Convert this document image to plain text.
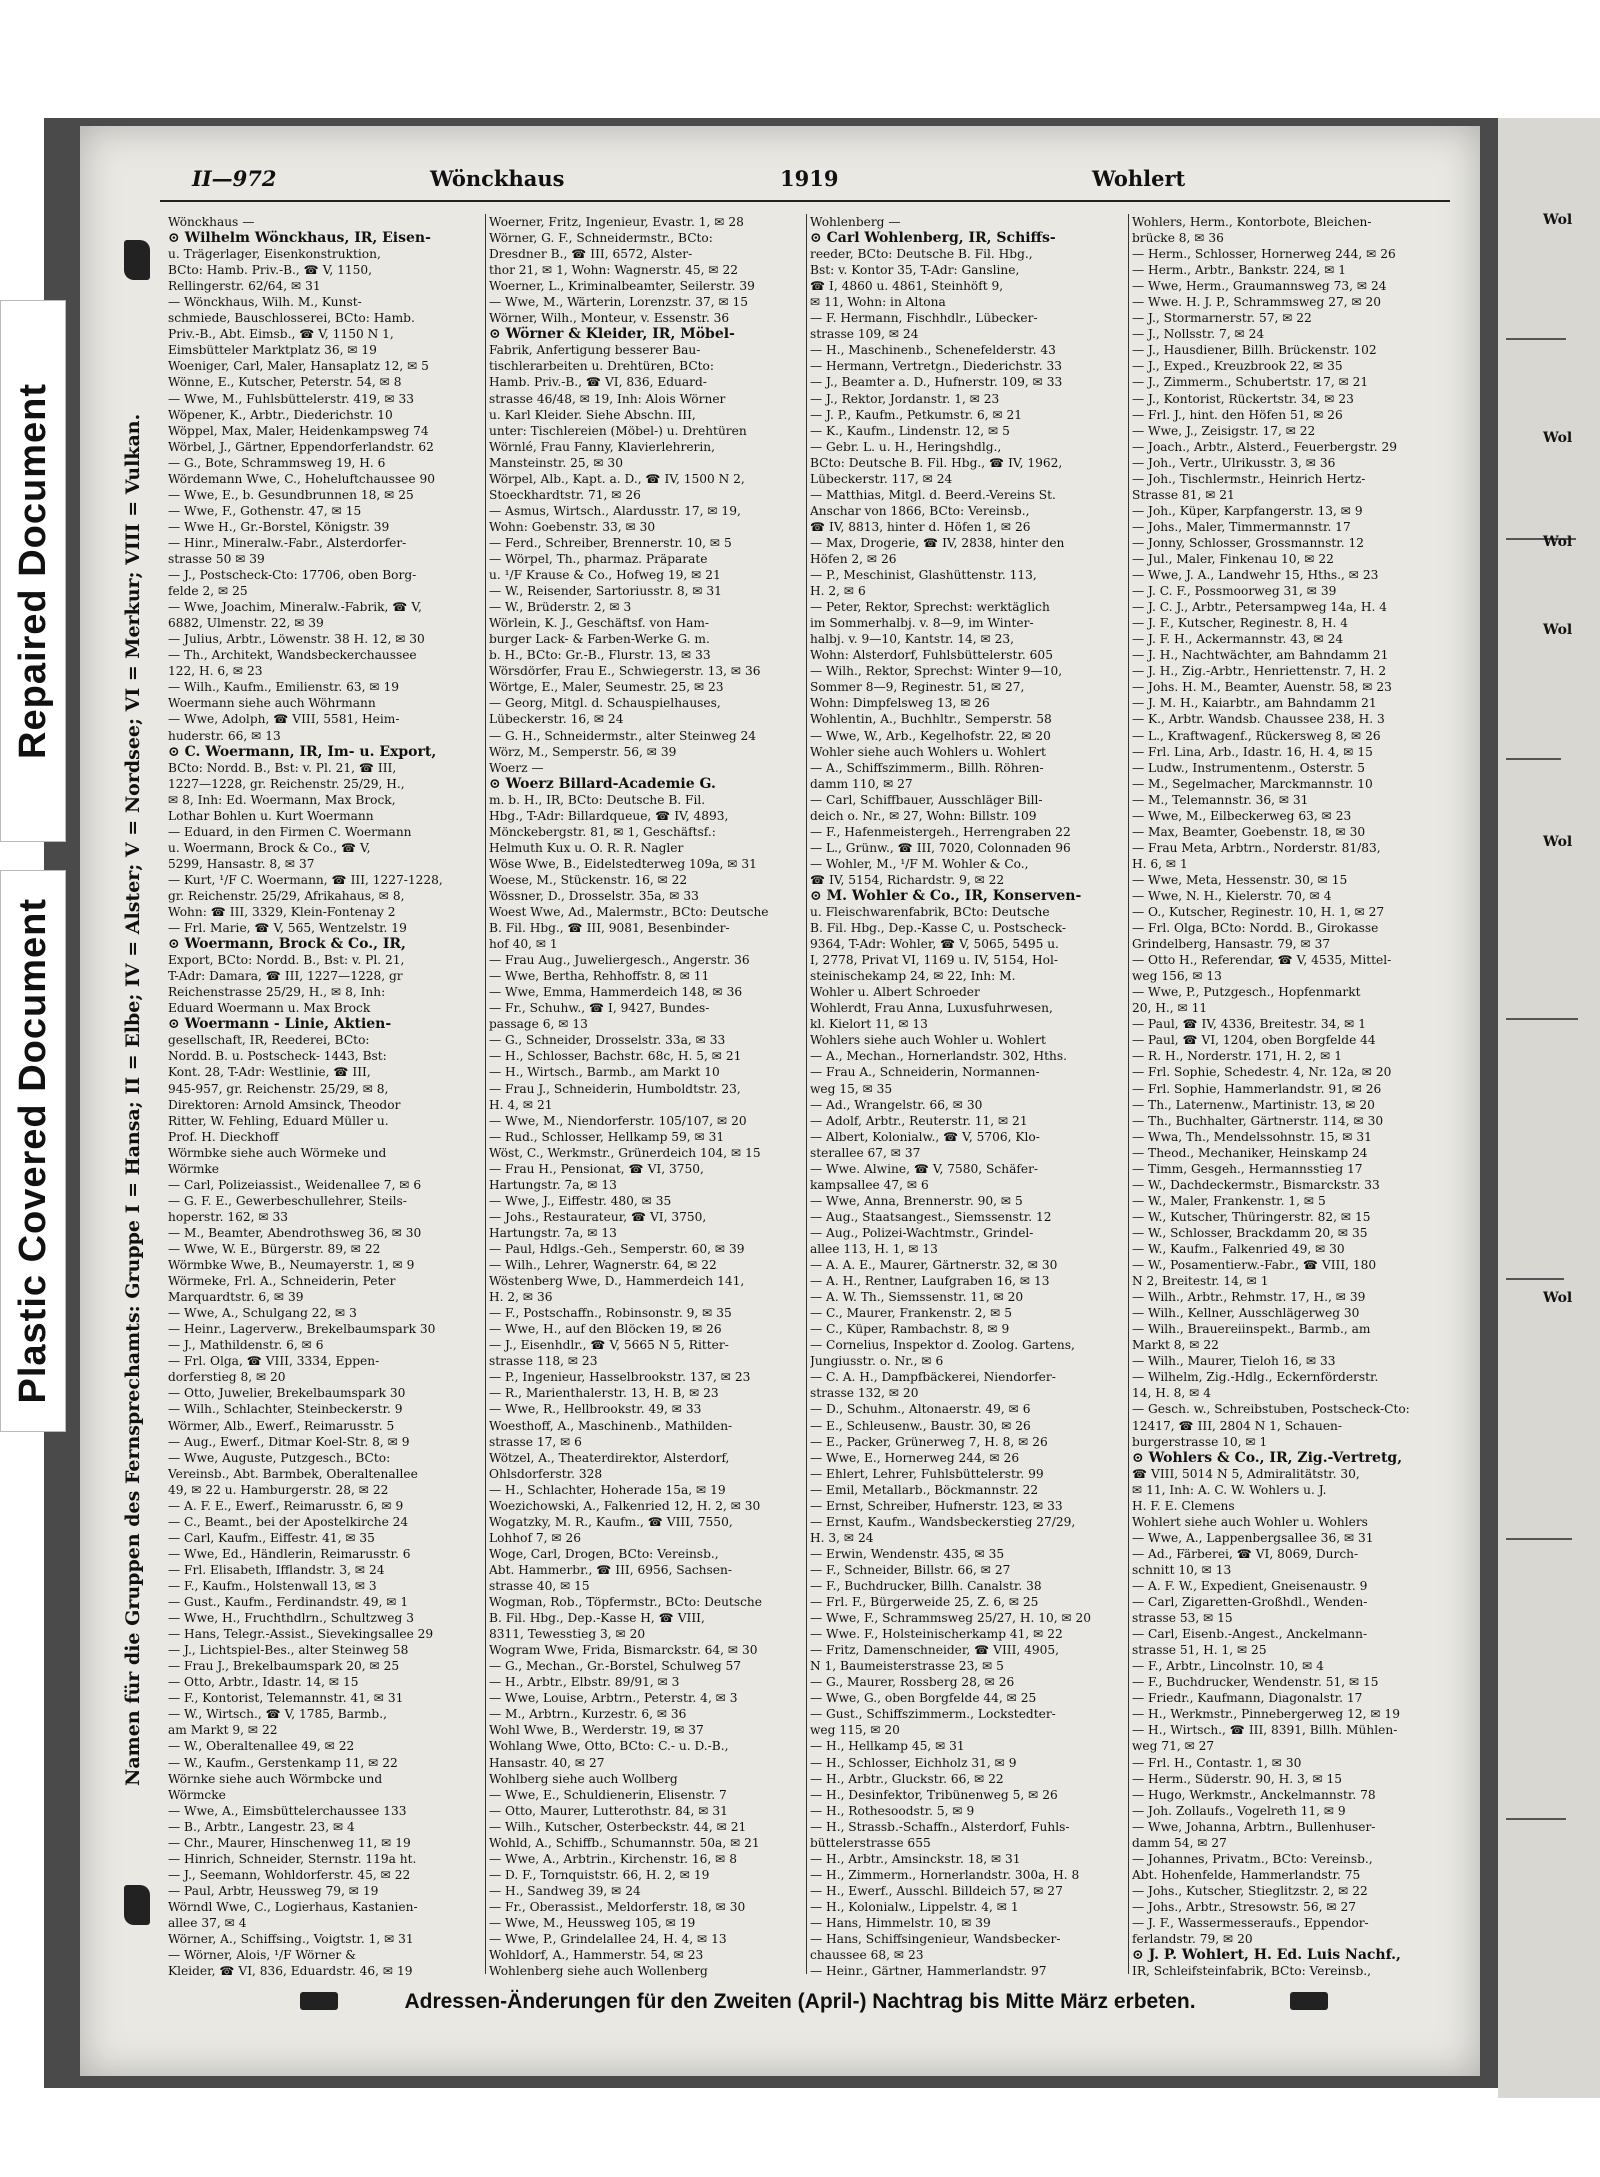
Wol
Wol
Wol
Wol
Wol
Wol
Repaired Document
Plastic Covered Document
II—972	Wönckhaus	1919	Wohlert
Namen für die Gruppen des Fernsprechamts: Gruppe I = Hansa; II = Elbe; IV = Alster; V = Nordsee; VI = Merkur; VIII = Vulkan.
Wönckhaus —
⊙ Wilhelm Wönckhaus, IR, Eisen-
u. Trägerlager, Eisenkonstruktion,
BCto: Hamb. Priv.-B., ☎ V, 1150,
Rellingerstr. 62/64, ✉ 31
— Wönckhaus, Wilh. M., Kunst-
schmiede, Bauschlosserei, BCto: Hamb.
Priv.-B., Abt. Eimsb., ☎ V, 1150 N 1,
Eimsbütteler Marktplatz 36, ✉ 19
Woeniger, Carl, Maler, Hansaplatz 12, ✉ 5
Wönne, E., Kutscher, Peterstr. 54, ✉ 8
— Wwe, M., Fuhlsbüttelerstr. 419, ✉ 33
Wöpener, K., Arbtr., Diederichstr. 10
Wöppel, Max, Maler, Heidenkampsweg 74
Wörbel, J., Gärtner, Eppendorferlandstr. 62
— G., Bote, Schrammsweg 19, H. 6
Wördemann Wwe, C., Hoheluftchaussee 90
— Wwe, E., b. Gesundbrunnen 18, ✉ 25
— Wwe, F., Gothenstr. 47, ✉ 15
— Wwe H., Gr.-Borstel, Königstr. 39
— Hinr., Mineralw.-Fabr., Alsterdorfer-
strasse 50 ✉ 39
— J., Postscheck-Cto: 17706, oben Borg-
felde 2, ✉ 25
— Wwe, Joachim, Mineralw.-Fabrik, ☎ V,
6882, Ulmenstr. 22, ✉ 39
— Julius, Arbtr., Löwenstr. 38 H. 12, ✉ 30
— Th., Architekt, Wandsbeckerchaussee
122, H. 6, ✉ 23
— Wilh., Kaufm., Emilienstr. 63, ✉ 19
Woermann siehe auch Wöhrmann
— Wwe, Adolph, ☎ VIII, 5581, Heim-
huderstr. 66, ✉ 13
⊙ C. Woermann, IR, Im- u. Export,
BCto: Nordd. B., Bst: v. Pl. 21, ☎ III,
1227—1228, gr. Reichenstr. 25/29, H.,
✉ 8, Inh: Ed. Woermann, Max Brock,
Lothar Bohlen u. Kurt Woermann
— Eduard, in den Firmen C. Woermann
u. Woermann, Brock & Co., ☎ V,
5299, Hansastr. 8, ✉ 37
— Kurt, ¹/F C. Woermann, ☎ III, 1227-1228,
gr. Reichenstr. 25/29, Afrikahaus, ✉ 8,
Wohn: ☎ III, 3329, Klein-Fontenay 2
— Frl. Marie, ☎ V, 565, Wentzelstr. 19
⊙ Woermann, Brock & Co., IR,
Export, BCto: Nordd. B., Bst: v. Pl. 21,
T-Adr: Damara, ☎ III, 1227—1228, gr
Reichenstrasse 25/29, H., ✉ 8, Inh:
Eduard Woermann u. Max Brock
⊙ Woermann - Linie, Aktien-
gesellschaft, IR, Reederei, BCto:
Nordd. B. u. Postscheck- 1443, Bst:
Kont. 28, T-Adr: Westlinie, ☎ III,
945-957, gr. Reichenstr. 25/29, ✉ 8,
Direktoren: Arnold Amsinck, Theodor
Ritter, W. Fehling, Eduard Müller u.
Prof. H. Dieckhoff
Wörmbke siehe auch Wörmeke und
Wörmke
— Carl, Polizeiassist., Weidenallee 7, ✉ 6
— G. F. E., Gewerbeschullehrer, Steils-
hoperstr. 162, ✉ 33
— M., Beamter, Abendrothsweg 36, ✉ 30
— Wwe, W. E., Bürgerstr. 89, ✉ 22
Wörmbke Wwe, B., Neumayerstr. 1, ✉ 9
Wörmeke, Frl. A., Schneiderin, Peter
Marquardtstr. 6, ✉ 39
— Wwe, A., Schulgang 22, ✉ 3
— Heinr., Lagerverw., Brekelbaumspark 30
— J., Mathildenstr. 6, ✉ 6
— Frl. Olga, ☎ VIII, 3334, Eppen-
dorferstieg 8, ✉ 20
— Otto, Juwelier, Brekelbaumspark 30
— Wilh., Schlachter, Steinbeckerstr. 9
Wörmer, Alb., Ewerf., Reimarusstr. 5
— Aug., Ewerf., Ditmar Koel-Str. 8, ✉ 9
— Wwe, Auguste, Putzgesch., BCto:
Vereinsb., Abt. Barmbek, Oberaltenallee
49, ✉ 22 u. Hamburgerstr. 28, ✉ 22
— A. F. E., Ewerf., Reimarusstr. 6, ✉ 9
— C., Beamt., bei der Apostelkirche 24
— Carl, Kaufm., Eiffestr. 41, ✉ 35
— Wwe, Ed., Händlerin, Reimarusstr. 6
— Frl. Elisabeth, Ifflandstr. 3, ✉ 24
— F., Kaufm., Holstenwall 13, ✉ 3
— Gust., Kaufm., Ferdinandstr. 49, ✉ 1
— Wwe, H., Fruchthdlrn., Schultzweg 3
— Hans, Telegr.-Assist., Sievekingsallee 29
— J., Lichtspiel-Bes., alter Steinweg 58
— Frau J., Brekelbaumspark 20, ✉ 25
— Otto, Arbtr., Idastr. 14, ✉ 15
— F., Kontorist, Telemannstr. 41, ✉ 31
— W., Wirtsch., ☎ V, 1785, Barmb.,
am Markt 9, ✉ 22
— W., Oberaltenallee 49, ✉ 22
— W., Kaufm., Gerstenkamp 11, ✉ 22
Wörnke siehe auch Wörmbcke und
Wörmcke
— Wwe, A., Eimsbüttelerchaussee 133
— B., Arbtr., Langestr. 23, ✉ 4
— Chr., Maurer, Hinschenweg 11, ✉ 19
— Hinrich, Schneider, Sternstr. 119a ht.
— J., Seemann, Wohldorferstr. 45, ✉ 22
— Paul, Arbtr, Heussweg 79, ✉ 19
Wörndl Wwe, C., Logierhaus, Kastanien-
allee 37, ✉ 4
Wörner, A., Schiffsing., Voigtstr. 1, ✉ 31
— Wörner, Alois, ¹/F Wörner &
Kleider, ☎ VI, 836, Eduardstr. 46, ✉ 19
Woerner, Fritz, Ingenieur, Evastr. 1, ✉ 28
Wörner, G. F., Schneidermstr., BCto:
Dresdner B., ☎ III, 6572, Alster-
thor 21, ✉ 1, Wohn: Wagnerstr. 45, ✉ 22
Woerner, L., Kriminalbeamter, Seilerstr. 39
— Wwe, M., Wärterin, Lorenzstr. 37, ✉ 15
Wörner, Wilh., Monteur, v. Essenstr. 36
⊙ Wörner & Kleider, IR, Möbel-
Fabrik, Anfertigung besserer Bau-
tischlerarbeiten u. Drehtüren, BCto:
Hamb. Priv.-B., ☎ VI, 836, Eduard-
strasse 46/48, ✉ 19, Inh: Alois Wörner
u. Karl Kleider. Siehe Abschn. III,
unter: Tischlereien (Möbel-) u. Drehtüren
Wörnlé, Frau Fanny, Klavierlehrerin,
Mansteinstr. 25, ✉ 30
Wörpel, Alb., Kapt. a. D., ☎ IV, 1500 N 2,
Stoeckhardtstr. 71, ✉ 26
— Asmus, Wirtsch., Alardusstr. 17, ✉ 19,
Wohn: Goebenstr. 33, ✉ 30
— Ferd., Schreiber, Brennerstr. 10, ✉ 5
— Wörpel, Th., pharmaz. Präparate
u. ¹/F Krause & Co., Hofweg 19, ✉ 21
— W., Reisender, Sartoriusstr. 8, ✉ 31
— W., Brüderstr. 2, ✉ 3
Wörlein, K. J., Geschäftsf. von Ham-
burger Lack- & Farben-Werke G. m.
b. H., BCto: Gr.-B., Flurstr. 13, ✉ 33
Wörsdörfer, Frau E., Schwiegerstr. 13, ✉ 36
Wörtge, E., Maler, Seumestr. 25, ✉ 23
— Georg, Mitgl. d. Schauspielhauses,
Lübeckerstr. 16, ✉ 24
— G. H., Schneidermstr., alter Steinweg 24
Wörz, M., Semperstr. 56, ✉ 39
Woerz —
⊙ Woerz Billard-Academie G.
m. b. H., IR, BCto: Deutsche B. Fil.
Hbg., T-Adr: Billardqueue, ☎ IV, 4893,
Mönckebergstr. 81, ✉ 1, Geschäftsf.:
Helmuth Kux u. O. R. R. Nagler
Wöse Wwe, B., Eidelstedterweg 109a, ✉ 31
Woese, M., Stückenstr. 16, ✉ 22
Wössner, D., Drosselstr. 35a, ✉ 33
Woest Wwe, Ad., Malermstr., BCto: Deutsche
B. Fil. Hbg., ☎ III, 9081, Besenbinder-
hof 40, ✉ 1
— Frau Aug., Juweliergesch., Angerstr. 36
— Wwe, Bertha, Rehhoffstr. 8, ✉ 11
— Wwe, Emma, Hammerdeich 148, ✉ 36
— Fr., Schuhw., ☎ I, 9427, Bundes-
passage 6, ✉ 13
— G., Schneider, Drosselstr. 33a, ✉ 33
— H., Schlosser, Bachstr. 68c, H. 5, ✉ 21
— H., Wirtsch., Barmb., am Markt 10
— Frau J., Schneiderin, Humboldtstr. 23,
H. 4, ✉ 21
— Wwe, M., Niendorferstr. 105/107, ✉ 20
— Rud., Schlosser, Hellkamp 59, ✉ 31
Wöst, C., Werkmstr., Grünerdeich 104, ✉ 15
— Frau H., Pensionat, ☎ VI, 3750,
Hartungstr. 7a, ✉ 13
— Wwe, J., Eiffestr. 480, ✉ 35
— Johs., Restaurateur, ☎ VI, 3750,
Hartungstr. 7a, ✉ 13
— Paul, Hdlgs.-Geh., Semperstr. 60, ✉ 39
— Wilh., Lehrer, Wagnerstr. 64, ✉ 22
Wöstenberg Wwe, D., Hammerdeich 141,
H. 2, ✉ 36
— F., Postschaffn., Robinsonstr. 9, ✉ 35
— Wwe, H., auf den Blöcken 19, ✉ 26
— J., Eisenhdlr., ☎ V, 5665 N 5, Ritter-
strasse 118, ✉ 23
— P., Ingenieur, Hasselbrookstr. 137, ✉ 23
— R., Marienthalerstr. 13, H. B, ✉ 23
— Wwe, R., Hellbrookstr. 49, ✉ 33
Woesthoff, A., Maschinenb., Mathilden-
strasse 17, ✉ 6
Wötzel, A., Theaterdirektor, Alsterdorf,
Ohlsdorferstr. 328
— H., Schlachter, Hoherade 15a, ✉ 19
Woezichowski, A., Falkenried 12, H. 2, ✉ 30
Wogatzky, M. R., Kaufm., ☎ VIII, 7550,
Lohhof 7, ✉ 26
Woge, Carl, Drogen, BCto: Vereinsb.,
Abt. Hammerbr., ☎ III, 6956, Sachsen-
strasse 40, ✉ 15
Wogman, Rob., Töpfermstr., BCto: Deutsche
B. Fil. Hbg., Dep.-Kasse H, ☎ VIII,
8311, Tewesstieg 3, ✉ 20
Wogram Wwe, Frida, Bismarckstr. 64, ✉ 30
— G., Mechan., Gr.-Borstel, Schulweg 57
— H., Arbtr., Elbstr. 89/91, ✉ 3
— Wwe, Louise, Arbtrn., Peterstr. 4, ✉ 3
— M., Arbtrn., Kurzestr. 6, ✉ 36
Wohl Wwe, B., Werderstr. 19, ✉ 37
Wohlang Wwe, Otto, BCto: C.- u. D.-B.,
Hansastr. 40, ✉ 27
Wohlberg siehe auch Wollberg
— Wwe, E., Schuldienerin, Elisenstr. 7
— Otto, Maurer, Lutterothstr. 84, ✉ 31
— Wilh., Kutscher, Osterbeckstr. 44, ✉ 21
Wohld, A., Schiffb., Schumannstr. 50a, ✉ 21
— Wwe, A., Arbtrin., Kirchenstr. 16, ✉ 8
— D. F., Tornquiststr. 66, H. 2, ✉ 19
— H., Sandweg 39, ✉ 24
— Fr., Oberassist., Meldorferstr. 18, ✉ 30
— Wwe, M., Heussweg 105, ✉ 19
— Wwe, P., Grindelallee 24, H. 4, ✉ 13
Wohldorf, A., Hammerstr. 54, ✉ 23
Wohlenberg siehe auch Wollenberg
Wohlenberg —
⊙ Carl Wohlenberg, IR, Schiffs-
reeder, BCto: Deutsche B. Fil. Hbg.,
Bst: v. Kontor 35, T-Adr: Gansline,
☎ I, 4860 u. 4861, Steinhöft 9,
✉ 11, Wohn: in Altona
— F. Hermann, Fischhdlr., Lübecker-
strasse 109, ✉ 24
— H., Maschinenb., Schenefelderstr. 43
— Hermann, Vertretgn., Diederichstr. 33
— J., Beamter a. D., Hufnerstr. 109, ✉ 33
— J., Rektor, Jordanstr. 1, ✉ 23
— J. P., Kaufm., Petkumstr. 6, ✉ 21
— K., Kaufm., Lindenstr. 12, ✉ 5
— Gebr. L. u. H., Heringshdlg.,
BCto: Deutsche B. Fil. Hbg., ☎ IV, 1962,
Lübeckerstr. 117, ✉ 24
— Matthias, Mitgl. d. Beerd.-Vereins St.
Anschar von 1866, BCto: Vereinsb.,
☎ IV, 8813, hinter d. Höfen 1, ✉ 26
— Max, Drogerie, ☎ IV, 2838, hinter den
Höfen 2, ✉ 26
— P., Meschinist, Glashüttenstr. 113,
H. 2, ✉ 6
— Peter, Rektor, Sprechst: werktäglich
im Sommerhalbj. v. 8—9, im Winter-
halbj. v. 9—10, Kantstr. 14, ✉ 23,
Wohn: Alsterdorf, Fuhlsbüttelerstr. 605
— Wilh., Rektor, Sprechst: Winter 9—10,
Sommer 8—9, Reginestr. 51, ✉ 27,
Wohn: Dimpfelsweg 13, ✉ 26
Wohlentin, A., Buchhltr., Semperstr. 58
— Wwe, W., Arb., Kegelhofstr. 22, ✉ 20
Wohler siehe auch Wohlers u. Wohlert
— A., Schiffszimmerm., Billh. Röhren-
damm 110, ✉ 27
— Carl, Schiffbauer, Ausschläger Bill-
deich o. Nr., ✉ 27, Wohn: Billstr. 109
— F., Hafenmeistergeh., Herrengraben 22
— L., Grünw., ☎ III, 7020, Colonnaden 96
— Wohler, M., ¹/F M. Wohler & Co.,
☎ IV, 5154, Richardstr. 9, ✉ 22
⊙ M. Wohler & Co., IR, Konserven-
u. Fleischwarenfabrik, BCto: Deutsche
B. Fil. Hbg., Dep.-Kasse C, u. Postscheck-
9364, T-Adr: Wohler, ☎ V, 5065, 5495 u.
I, 2778, Privat VI, 1169 u. IV, 5154, Hol-
steinischekamp 24, ✉ 22, Inh: M.
Wohler u. Albert Schroeder
Wohlerdt, Frau Anna, Luxusfuhrwesen,
kl. Kielort 11, ✉ 13
Wohlers siehe auch Wohler u. Wohlert
— A., Mechan., Hornerlandstr. 302, Hths.
— Frau A., Schneiderin, Normannen-
weg 15, ✉ 35
— Ad., Wrangelstr. 66, ✉ 30
— Adolf, Arbtr., Reuterstr. 11, ✉ 21
— Albert, Kolonialw., ☎ V, 5706, Klo-
sterallee 67, ✉ 37
— Wwe. Alwine, ☎ V, 7580, Schäfer-
kampsallee 47, ✉ 6
— Wwe, Anna, Brennerstr. 90, ✉ 5
— Aug., Staatsangest., Siemssenstr. 12
— Aug., Polizei-Wachtmstr., Grindel-
allee 113, H. 1, ✉ 13
— A. A. E., Maurer, Gärtnerstr. 32, ✉ 30
— A. H., Rentner, Laufgraben 16, ✉ 13
— A. W. Th., Siemssenstr. 11, ✉ 20
— C., Maurer, Frankenstr. 2, ✉ 5
— C., Küper, Rambachstr. 8, ✉ 9
— Cornelius, Inspektor d. Zoolog. Gartens,
Jungiusstr. o. Nr., ✉ 6
— C. A. H., Dampfbäckerei, Niendorfer-
strasse 132, ✉ 20
— D., Schuhm., Altonaerstr. 49, ✉ 6
— E., Schleusenw., Baustr. 30, ✉ 26
— E., Packer, Grünerweg 7, H. 8, ✉ 26
— Wwe, E., Hornerweg 244, ✉ 26
— Ehlert, Lehrer, Fuhlsbüttelerstr. 99
— Emil, Metallarb., Böckmannstr. 22
— Ernst, Schreiber, Hufnerstr. 123, ✉ 33
— Ernst, Kaufm., Wandsbeckerstieg 27/29,
H. 3, ✉ 24
— Erwin, Wendenstr. 435, ✉ 35
— F., Schneider, Billstr. 66, ✉ 27
— F., Buchdrucker, Billh. Canalstr. 38
— Frl. F., Bürgerweide 25, Z. 6, ✉ 25
— Wwe, F., Schrammsweg 25/27, H. 10, ✉ 20
— Wwe. F., Holsteinischerkamp 41, ✉ 22
— Fritz, Damenschneider, ☎ VIII, 4905,
N 1, Baumeisterstrasse 23, ✉ 5
— G., Maurer, Rossberg 28, ✉ 26
— Wwe, G., oben Borgfelde 44, ✉ 25
— Gust., Schiffszimmerm., Lockstedter-
weg 115, ✉ 20
— H., Hellkamp 45, ✉ 31
— H., Schlosser, Eichholz 31, ✉ 9
— H., Arbtr., Gluckstr. 66, ✉ 22
— H., Desinfektor, Tribünenweg 5, ✉ 26
— H., Rothesoodstr. 5, ✉ 9
— H., Strassb.-Schaffn., Alsterdorf, Fuhls-
büttelerstrasse 655
— H., Arbtr., Amsinckstr. 18, ✉ 31
— H., Zimmerm., Hornerlandstr. 300a, H. 8
— H., Ewerf., Ausschl. Billdeich 57, ✉ 27
— H., Kolonialw., Lippelstr. 4, ✉ 1
— Hans, Himmelstr. 10, ✉ 39
— Hans, Schiffsingenieur, Wandsbecker-
chaussee 68, ✉ 23
— Heinr., Gärtner, Hammerlandstr. 97
Wohlers, Herm., Kontorbote, Bleichen-
brücke 8, ✉ 36
— Herm., Schlosser, Hornerweg 244, ✉ 26
— Herm., Arbtr., Bankstr. 224, ✉ 1
— Wwe, Herm., Graumannsweg 73, ✉ 24
— Wwe. H. J. P., Schrammsweg 27, ✉ 20
— J., Stormarnerstr. 57, ✉ 22
— J., Nollsstr. 7, ✉ 24
— J., Hausdiener, Billh. Brückenstr. 102
— J., Exped., Kreuzbrook 22, ✉ 35
— J., Zimmerm., Schubertstr. 17, ✉ 21
— J., Kontorist, Rückertstr. 34, ✉ 23
— Frl. J., hint. den Höfen 51, ✉ 26
— Wwe, J., Zeisigstr. 17, ✉ 22
— Joach., Arbtr., Alsterd., Feuerbergstr. 29
— Joh., Vertr., Ulrikusstr. 3, ✉ 36
— Joh., Tischlermstr., Heinrich Hertz-
Strasse 81, ✉ 21
— Joh., Küper, Karpfangerstr. 13, ✉ 9
— Johs., Maler, Timmermannstr. 17
— Jonny, Schlosser, Grossmannstr. 12
— Jul., Maler, Finkenau 10, ✉ 22
— Wwe, J. A., Landwehr 15, Hths., ✉ 23
— J. C. F., Possmoorweg 31, ✉ 39
— J. C. J., Arbtr., Petersampweg 14a, H. 4
— J. F., Kutscher, Reginestr. 8, H. 4
— J. F. H., Ackermannstr. 43, ✉ 24
— J. H., Nachtwächter, am Bahndamm 21
— J. H., Zig.-Arbtr., Henriettenstr. 7, H. 2
— Johs. H. M., Beamter, Auenstr. 58, ✉ 23
— J. M. H., Kaiarbtr., am Bahndamm 21
— K., Arbtr. Wandsb. Chaussee 238, H. 3
— L., Kraftwagenf., Rückersweg 8, ✉ 26
— Frl. Lina, Arb., Idastr. 16, H. 4, ✉ 15
— Ludw., Instrumentenm., Osterstr. 5
— M., Segelmacher, Marckmannstr. 10
— M., Telemannstr. 36, ✉ 31
— Wwe, M., Eilbeckerweg 63, ✉ 23
— Max, Beamter, Goebenstr. 18, ✉ 30
— Frau Meta, Arbtrn., Norderstr. 81/83,
H. 6, ✉ 1
— Wwe, Meta, Hessenstr. 30, ✉ 15
— Wwe, N. H., Kielerstr. 70, ✉ 4
— O., Kutscher, Reginestr. 10, H. 1, ✉ 27
— Frl. Olga, BCto: Nordd. B., Girokasse
Grindelberg, Hansastr. 79, ✉ 37
— Otto H., Referendar, ☎ V, 4535, Mittel-
weg 156, ✉ 13
— Wwe, P., Putzgesch., Hopfenmarkt
20, H., ✉ 11
— Paul, ☎ IV, 4336, Breitestr. 34, ✉ 1
— Paul, ☎ VI, 1204, oben Borgfelde 44
— R. H., Norderstr. 171, H. 2, ✉ 1
— Frl. Sophie, Schedestr. 4, Nr. 12a, ✉ 20
— Frl. Sophie, Hammerlandstr. 91, ✉ 26
— Th., Laternenw., Martinistr. 13, ✉ 20
— Th., Buchhalter, Gärtnerstr. 114, ✉ 30
— Wwa, Th., Mendelssohnstr. 15, ✉ 31
— Theod., Mechaniker, Heinskamp 24
— Timm, Gesgeh., Hermannsstieg 17
— W., Dachdeckermstr., Bismarckstr. 33
— W., Maler, Frankenstr. 1, ✉ 5
— W., Kutscher, Thüringerstr. 82, ✉ 15
— W., Schlosser, Brackdamm 20, ✉ 35
— W., Kaufm., Falkenried 49, ✉ 30
— W., Posamentierw.-Fabr., ☎ VIII, 180
N 2, Breitestr. 14, ✉ 1
— Wilh., Arbtr., Rehmstr. 17, H., ✉ 39
— Wilh., Kellner, Ausschlägerweg 30
— Wilh., Brauereiinspekt., Barmb., am
Markt 8, ✉ 22
— Wilh., Maurer, Tieloh 16, ✉ 33
— Wilhelm, Zig.-Hdlg., Eckernförderstr.
14, H. 8, ✉ 4
— Gesch. w., Schreibstuben, Postscheck-Cto:
12417, ☎ III, 2804 N 1, Schauen-
burgerstrasse 10, ✉ 1
⊙ Wohlers & Co., IR, Zig.-Vertretg,
☎ VIII, 5014 N 5, Admiralitätstr. 30,
✉ 11, Inh: A. C. W. Wohlers u. J.
H. F. E. Clemens
Wohlert siehe auch Wohler u. Wohlers
— Wwe, A., Lappenbergsallee 36, ✉ 31
— Ad., Färberei, ☎ VI, 8069, Durch-
schnitt 10, ✉ 13
— A. F. W., Expedient, Gneisenaustr. 9
— Carl, Zigaretten-Großhdl., Wenden-
strasse 53, ✉ 15
— Carl, Eisenb.-Angest., Anckelmann-
strasse 51, H. 1, ✉ 25
— F., Arbtr., Lincolnstr. 10, ✉ 4
— F., Buchdrucker, Wendenstr. 51, ✉ 15
— Friedr., Kaufmann, Diagonalstr. 17
— H., Werkmstr., Pinnebergerweg 12, ✉ 19
— H., Wirtsch., ☎ III, 8391, Billh. Mühlen-
weg 71, ✉ 27
— Frl. H., Contastr. 1, ✉ 30
— Herm., Süderstr. 90, H. 3, ✉ 15
— Hugo, Werkmstr., Anckelmannstr. 78
— Joh. Zollaufs., Vogelreth 11, ✉ 9
— Wwe, Johanna, Arbtrn., Bullenhuser-
damm 54, ✉ 27
— Johannes, Privatm., BCto: Vereinsb.,
Abt. Hohenfelde, Hammerlandstr. 75
— Johs., Kutscher, Stieglitzstr. 2, ✉ 22
— Johs., Arbtr., Stresowstr. 56, ✉ 27
— J. F., Wassermesseraufs., Eppendor-
ferlandstr. 79, ✉ 20
⊙ J. P. Wohlert, H. Ed. Luis Nachf.,
IR, Schleifsteinfabrik, BCto: Vereinsb.,
Adressen-Änderungen für den Zweiten (April-) Nachtrag bis Mitte März erbeten.
